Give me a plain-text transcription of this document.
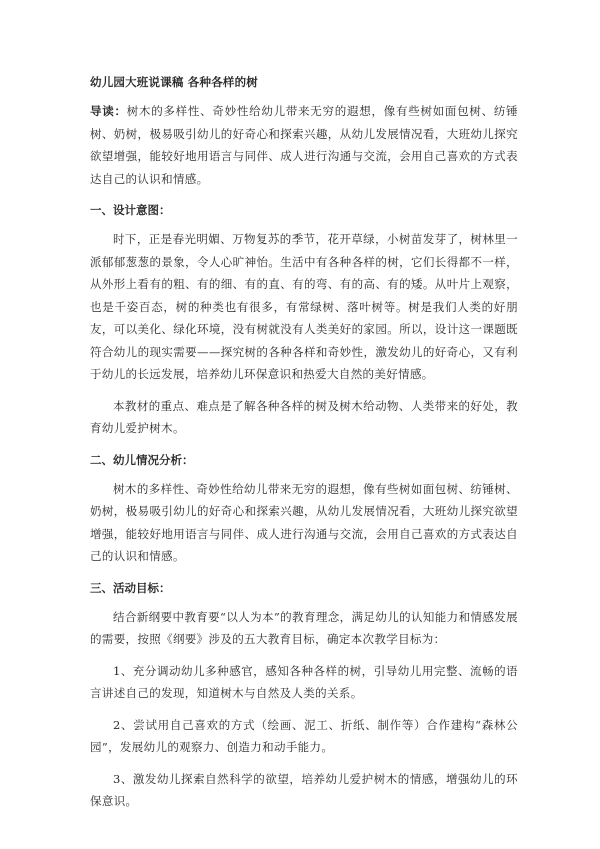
幼儿园大班说课稿 各种各样的树

导读：树木的多样性、奇妙性给幼儿带来无穷的遐想，像有些树如面包树、纺锤树、奶树，极易吸引幼儿的好奇心和探索兴趣，从幼儿发展情况看，大班幼儿探究欲望增强，能较好地用语言与同伴、成人进行沟通与交流，会用自己喜欢的方式表达自己的认识和情感。

一、设计意图：

时下，正是春光明媚、万物复苏的季节，花开草绿，小树苗发芽了，树林里一派郁郁葱葱的景象，令人心旷神怡。生活中有各种各样的树，它们长得都不一样，从外形上看有的粗、有的细、有的直、有的弯、有的高、有的矮。从叶片上观察，也是千姿百态，树的种类也有很多，有常绿树、落叶树等。树是我们人类的好朋友，可以美化、绿化环境，没有树就没有人类美好的家园。所以，设计这一课题既符合幼儿的现实需要——探究树的各种各样和奇妙性，激发幼儿的好奇心，又有利于幼儿的长远发展，培养幼儿环保意识和热爱大自然的美好情感。

本教材的重点、难点是了解各种各样的树及树木给动物、人类带来的好处，教育幼儿爱护树木。

二、幼儿情况分析：

树木的多样性、奇妙性给幼儿带来无穷的遐想，像有些树如面包树、纺锤树、奶树，极易吸引幼儿的好奇心和探索兴趣，从幼儿发展情况看，大班幼儿探究欲望增强，能较好地用语言与同伴、成人进行沟通与交流，会用自己喜欢的方式表达自己的认识和情感。

三、活动目标：

结合新纲要中教育要“以人为本”的教育理念，满足幼儿的认知能力和情感发展的需要，按照《纲要》涉及的五大教育目标，确定本次教学目标为：

1、充分调动幼儿多种感官，感知各种各样的树，引导幼儿用完整、流畅的语言讲述自己的发现，知道树木与自然及人类的关系。

2、尝试用自己喜欢的方式（绘画、泥工、折纸、制作等）合作建构“森林公园”，发展幼儿的观察力、创造力和动手能力。

3、激发幼儿探索自然科学的欲望，培养幼儿爱护树木的情感，增强幼儿的环保意识。
